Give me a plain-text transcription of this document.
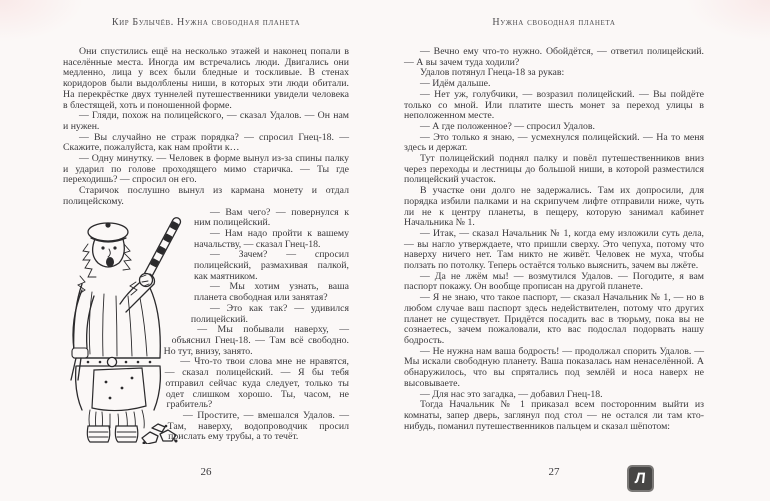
Кир Булычёв. Нужна свободная планета

Они спустились ещё на несколько этажей и наконец попали в населённые места. Иногда им встречались люди. Двигались они медленно, лица у всех были бледные и тоскливые. В стенах коридоров были выдолблены ниши, в которых эти люди обитали. На перекрёстке двух туннелей путешественники увидели человека в блестящей, хоть и поношенной форме.

— Гляди, похож на полицейского, — сказал Удалов. — Он нам и нужен.

— Вы случайно не страж порядка? — спросил Гнец-18. — Скажите, пожалуйста, как нам пройти к…

— Одну минутку. — Человек в форме вынул из-за спины палку и ударил по голове проходящего мимо старичка. — Ты где переходишь? — спросил он его.

Старичок послушно вынул из кармана монету и отдал полицейскому.

— Вам чего? — повернулся к ним полицейский.

— Нам надо пройти к вашему начальству, — сказал Гнец-18.

— Зачем? — спросил полицейский, размахивая палкой, как маятником.

— Мы хотим узнать, ваша планета свободная или занятая?

— Это как так? — удивился полицейский.

— Мы побывали наверху, — объяснил Гнец-18. — Там всё свободно. Но тут, внизу, занято.

— Что-то твои слова мне не нравятся, — сказал полицейский. — Я бы тебя отправил сейчас куда следует, только ты одет слишком хорошо. Ты, часом, не грабитель?

— Простите, — вмешался Удалов. — Там, наверху, водопроводчик просил прислать ему трубы, а то течёт.

Нужна свободная планета

— Вечно ему что-то нужно. Обойдётся, — ответил полицейский. — А вы зачем туда ходили?

Удалов потянул Гнеца-18 за рукав:

— Идём дальше.

— Нет уж, голубчики, — возразил полицейский. — Вы пойдёте только со мной. Или платите шесть монет за переход улицы в неположенном месте.

— А где положенное? — спросил Удалов.

— Это только я знаю, — усмехнулся полицейский. — На то меня здесь и держат.

Тут полицейский поднял палку и повёл путешественников вниз через переходы и лестницы до большой ниши, в которой разместился полицейский участок.

В участке они долго не задержались. Там их допросили, для порядка избили палками и на скрипучем лифте отправили ниже, чуть ли не к центру планеты, в пещеру, которую занимал кабинет Начальника № 1.

— Итак, — сказал Начальник № 1, когда ему изложили суть дела, — вы нагло утверждаете, что пришли сверху. Это чепуха, потому что наверху ничего нет. Там никто не живёт. Человек не муха, чтобы ползать по потолку. Теперь остаётся только выяснить, зачем вы лжёте.

— Да не лжём мы! — возмутился Удалов. — Погодите, я вам паспорт покажу. Он вообще прописан на другой планете.

— Я не знаю, что такое паспорт, — сказал Начальник № 1, — но в любом случае ваш паспорт здесь недействителен, потому что других планет не существует. Придётся посадить вас в тюрьму, пока вы не сознаетесь, зачем пожаловали, кто вас подослал подорвать нашу бодрость.

— Не нужна нам ваша бодрость! — продолжал спорить Удалов. — Мы искали свободную планету. Ваша показалась нам ненаселённой. А обнаружилось, что вы спрятались под землёй и носа наверх не высовываете.

— Для нас это загадка, — добавил Гнец-18.

Тогда Начальник № 1 приказал всем посторонним выйти из комнаты, запер дверь, заглянул под стол — не остался ли там кто-нибудь, поманил путешественников пальцем и сказал шёпотом:

26	27	Л
